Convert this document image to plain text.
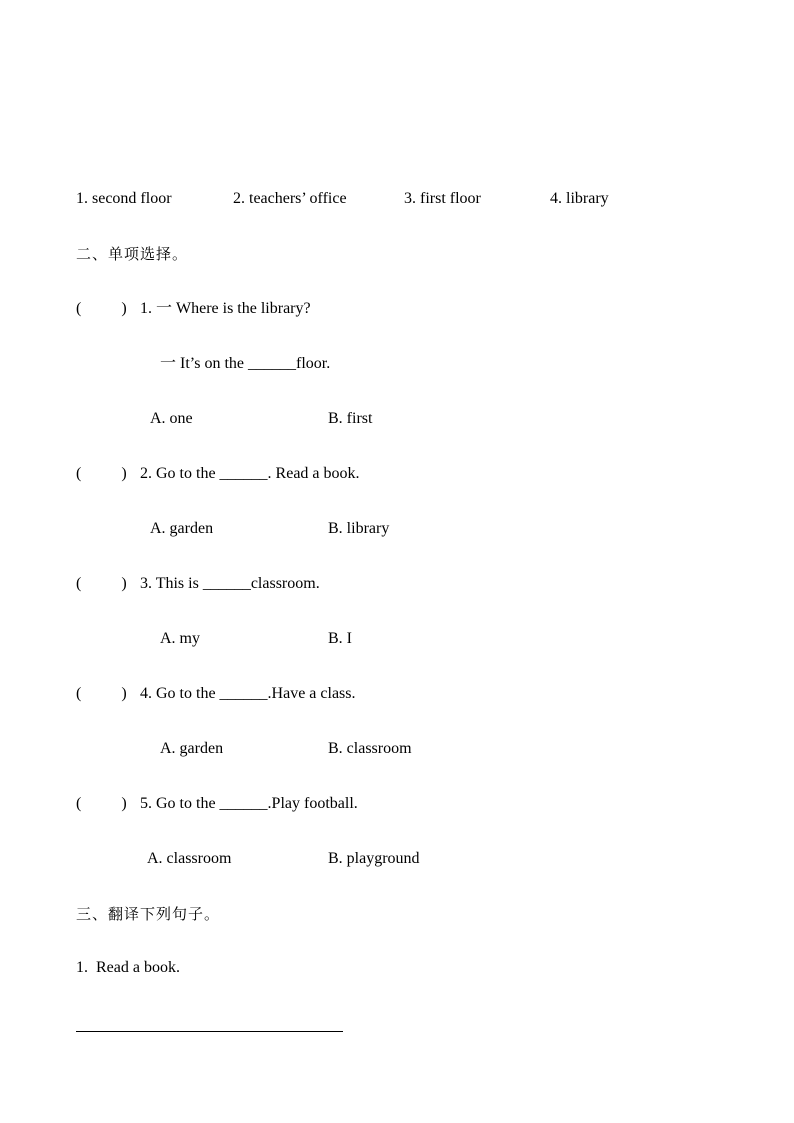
1. second floor	2. teachers’ office	3. first floor	4. library
二、单项选择。
(          ) 1. 一 Where is the library?
一 It’s on the ______floor.
A. one	B. first
(          ) 2. Go to the ______. Read a book.
A. garden	B. library
(          ) 3. This is ______classroom.
A. my	B. I
(          ) 4. Go to the ______.Have a class.
A. garden	B. classroom
(          ) 5. Go to the ______.Play football.
A. classroom	B. playground
三、翻译下列句子。
1.  Read a book.
